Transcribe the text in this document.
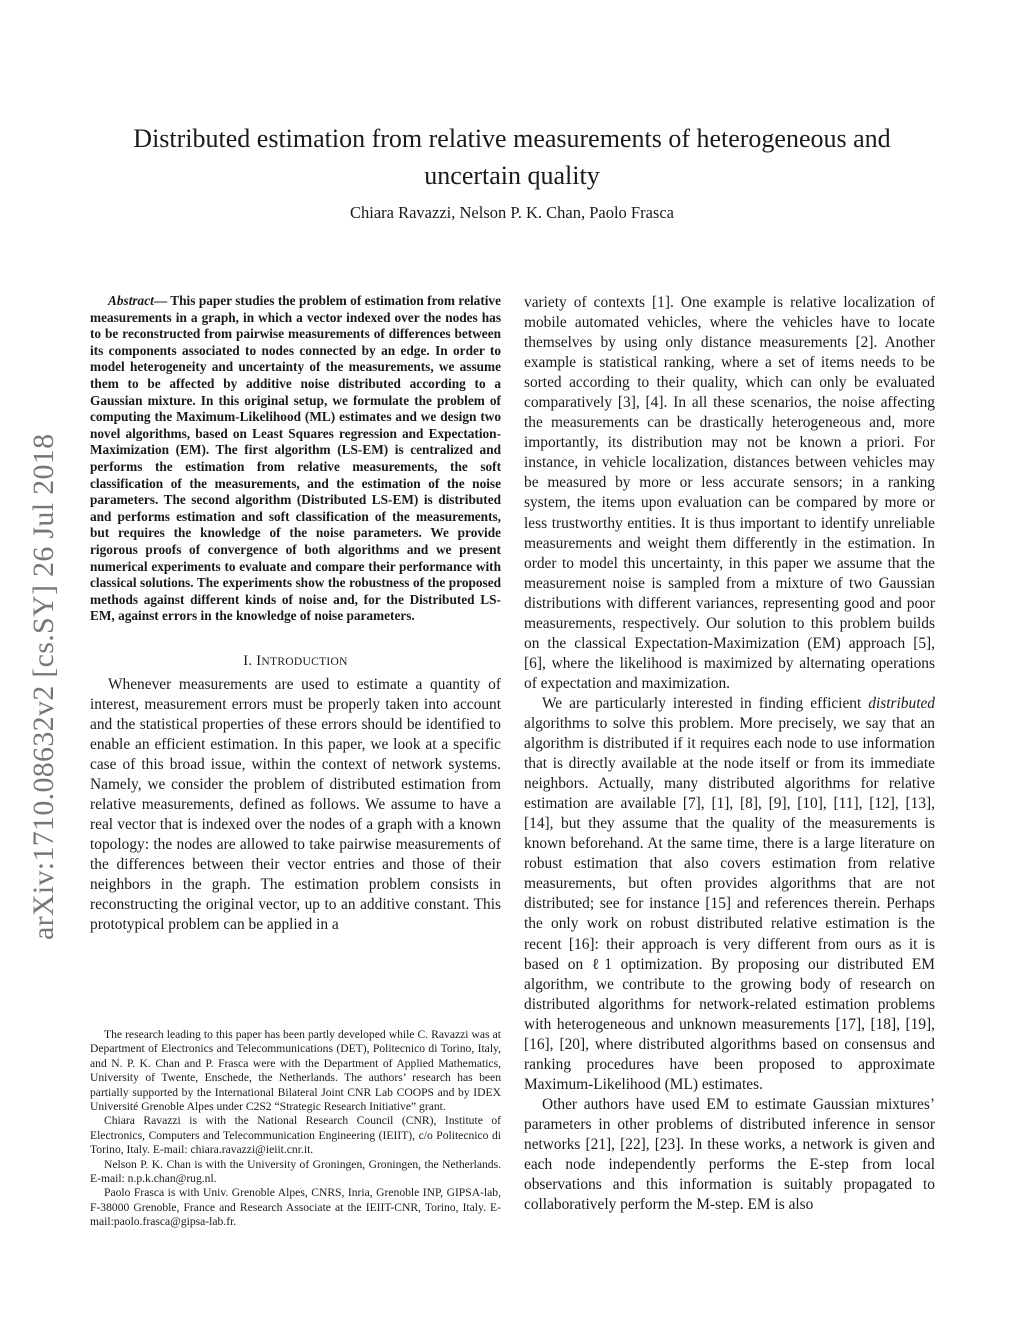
Distributed estimation from relative measurements of heterogeneous and uncertain quality
Chiara Ravazzi, Nelson P. K. Chan, Paolo Frasca
arXiv:1710.08632v2 [cs.SY] 26 Jul 2018

Abstract— This paper studies the problem of estimation from relative measurements in a graph, in which a vector indexed over the nodes has to be reconstructed from pairwise measurements of differences between its components associated to nodes connected by an edge. In order to model heterogeneity and uncertainty of the measurements, we assume them to be affected by additive noise distributed according to a Gaussian mixture. In this original setup, we formulate the problem of computing the Maximum-Likelihood (ML) estimates and we design two novel algorithms, based on Least Squares regression and Expectation-Maximization (EM). The first algorithm (LS-EM) is centralized and performs the estimation from relative measurements, the soft classification of the measurements, and the estimation of the noise parameters. The second algorithm (Distributed LS-EM) is distributed and performs estimation and soft classification of the measurements, but requires the knowledge of the noise parameters. We provide rigorous proofs of convergence of both algorithms and we present numerical experiments to evaluate and compare their performance with classical solutions. The experiments show the robustness of the proposed methods against different kinds of noise and, for the Distributed LS-EM, against errors in the knowledge of noise parameters.

I. INTRODUCTION

Whenever measurements are used to estimate a quantity of interest, measurement errors must be properly taken into account and the statistical properties of these errors should be identified to enable an efficient estimation. In this paper, we look at a specific case of this broad issue, within the context of network systems. Namely, we consider the problem of distributed estimation from relative measurements, defined as follows. We assume to have a real vector that is indexed over the nodes of a graph with a known topology: the nodes are allowed to take pairwise measurements of the differences between their vector entries and those of their neighbors in the graph. The estimation problem consists in reconstructing the original vector, up to an additive constant. This prototypical problem can be applied in a

The research leading to this paper has been partly developed while C. Ravazzi was at Department of Electronics and Telecommunications (DET), Politecnico di Torino, Italy, and N. P. K. Chan and P. Frasca were with the Department of Applied Mathematics, University of Twente, Enschede, the Netherlands. The authors’ research has been partially supported by the International Bilateral Joint CNR Lab COOPS and by IDEX Université Grenoble Alpes under C2S2 “Strategic Research Initiative” grant.

Chiara Ravazzi is with the National Research Council (CNR), Institute of Electronics, Computers and Telecommunication Engineering (IEIIT), c/o Politecnico di Torino, Italy. E-mail: chiara.ravazzi@ieiit.cnr.it.

Nelson P. K. Chan is with the University of Groningen, Groningen, the Netherlands. E-mail: n.p.k.chan@rug.nl.

Paolo Frasca is with Univ. Grenoble Alpes, CNRS, Inria, Grenoble INP, GIPSA-lab, F-38000 Grenoble, France and Research Associate at the IEIIT-CNR, Torino, Italy. E-mail:paolo.frasca@gipsa-lab.fr.

variety of contexts [1]. One example is relative localization of mobile automated vehicles, where the vehicles have to locate themselves by using only distance measurements [2]. Another example is statistical ranking, where a set of items needs to be sorted according to their quality, which can only be evaluated comparatively [3], [4]. In all these scenarios, the noise affecting the measurements can be drastically heterogeneous and, more importantly, its distribution may not be known a priori. For instance, in vehicle localization, distances between vehicles may be measured by more or less accurate sensors; in a ranking system, the items upon evaluation can be compared by more or less trustworthy entities. It is thus important to identify unreliable measurements and weight them differently in the estimation. In order to model this uncertainty, in this paper we assume that the measurement noise is sampled from a mixture of two Gaussian distributions with different variances, representing good and poor measurements, respectively. Our solution to this problem builds on the classical Expectation-Maximization (EM) approach [5], [6], where the likelihood is maximized by alternating operations of expectation and maximization.

We are particularly interested in finding efficient distributed algorithms to solve this problem. More precisely, we say that an algorithm is distributed if it requires each node to use information that is directly available at the node itself or from its immediate neighbors. Actually, many distributed algorithms for relative estimation are available [7], [1], [8], [9], [10], [11], [12], [13], [14], but they assume that the quality of the measurements is known beforehand. At the same time, there is a large literature on robust estimation that also covers estimation from relative measurements, but often provides algorithms that are not distributed; see for instance [15] and references therein. Perhaps the only work on robust distributed relative estimation is the recent [16]: their approach is very different from ours as it is based on ℓ1 optimization. By proposing our distributed EM algorithm, we contribute to the growing body of research on distributed algorithms for network-related estimation problems with heterogeneous and unknown measurements [17], [18], [19], [16], [20], where distributed algorithms based on consensus and ranking procedures have been proposed to approximate Maximum-Likelihood (ML) estimates.

Other authors have used EM to estimate Gaussian mixtures’ parameters in other problems of distributed inference in sensor networks [21], [22], [23]. In these works, a network is given and each node independently performs the E-step from local observations and this information is suitably propagated to collaboratively perform the M-step. EM is also
